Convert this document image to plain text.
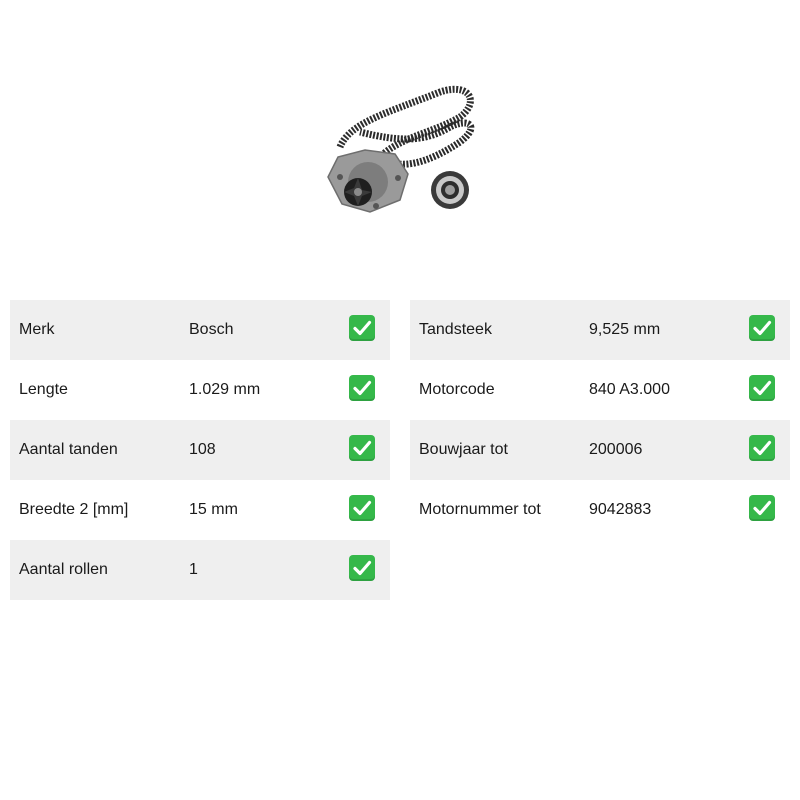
Merk	Bosch
Lengte	1.029 mm
Aantal tanden	108
Breedte 2 [mm]	15 mm
Aantal rollen	1
Tandsteek	9,525 mm
Motorcode	840 A3.000
Bouwjaar tot	200006
Motornummer tot	9042883
